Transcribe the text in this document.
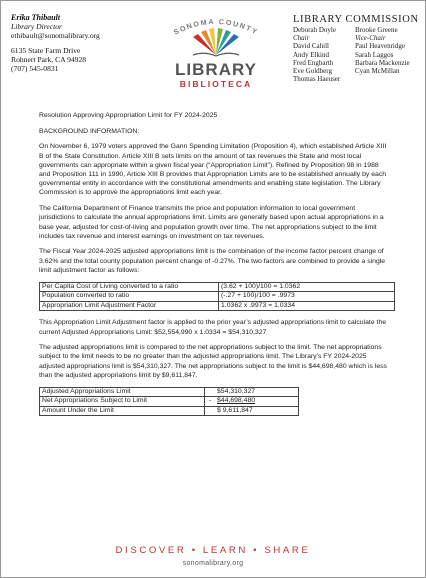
Erika Thibault
Library Director
ethibault@sonomalibrary.org
6135 State Farm Drive
Rohnert Park, CA 94928
(707) 545-0831
SONOMA COUNTY
LIBRARY
BIBLIOTECA
LIBRARY COMMISSION
Deborah Doyle
Chair
David Cahill
Andy Elkind
Fred Engbarth
Eve Goldberg
Thomas Haeuser
Brooke Greene
Vice-Chair
Paul Heavenridge
Sarah Laggos
Barbara Mackenzie
Cyan McMillan

Resolution Approving Appropriation Limit for FY 2024-2025

BACKGROUND INFORMATION:

On November 6, 1979 voters approved the Gann Spending Limitation (Proposition 4), which established Article XIII B of the State Constitution. Article XIII B sets limits on the amount of tax revenues the State and most local governments can appropriate within a given fiscal year (“Appropriation Limit”). Refined by Proposition 98 in 1988 and Proposition 111 in 1990, Article XIII B provides that Appropriation Limits are to be established annually by each governmental entity in accordance with the constitutional amendments and enabling state legislation. The Library Commission is to approve the appropriations limit each year.

The California Department of Finance transmits the price and population information to local government jurisdictions to calculate the annual appropriations limit. Limits are generally based upon actual appropriations in a base year, adjusted for cost-of-living and population growth over time. The net appropriations subject to the limit includes tax revenue and interest earnings on investment on tax revenues.

The Fiscal Year 2024-2025 adjusted appropriations limit is the combination of the income factor percent change of 3.62% and the total county population percent change of -0.27%. The two factors are combined to provide a single limit adjustment factor as follows:

Per Capita Cost of Living converted to a ratio	(3.62 + 100)/100 = 1.0362
Population converted to ratio	(-.27 + 100)/100 = .9973
Appropriation Limit Adjustment Factor	1.0362 x .9973 = 1.0334

This Appropriation Limit Adjustment factor is applied to the prior year’s adjusted appropriations limit to calculate the current Adjusted Appropriations Limit: $52,554,990 x 1.0334 = $54,310,327

The adjusted appropriations limit is compared to the net appropriations subject to the limit. The net appropriations subject to the limit needs to be no greater than the adjusted appropriations limit. The Library’s FY 2024-2025 adjusted appropriations limit is $54,310,327. The net appropriations subject to the limit is $44,698,480 which is less than the adjusted appropriations limit by $9,611,847.

Adjusted Appropriations Limit		$54,310,327
Net Appropriations Subject to Limit	-	$44,698,480
Amount Under the Limit		$ 9,611,847
DISCOVER • LEARN • SHARE
sonomalibrary.org
